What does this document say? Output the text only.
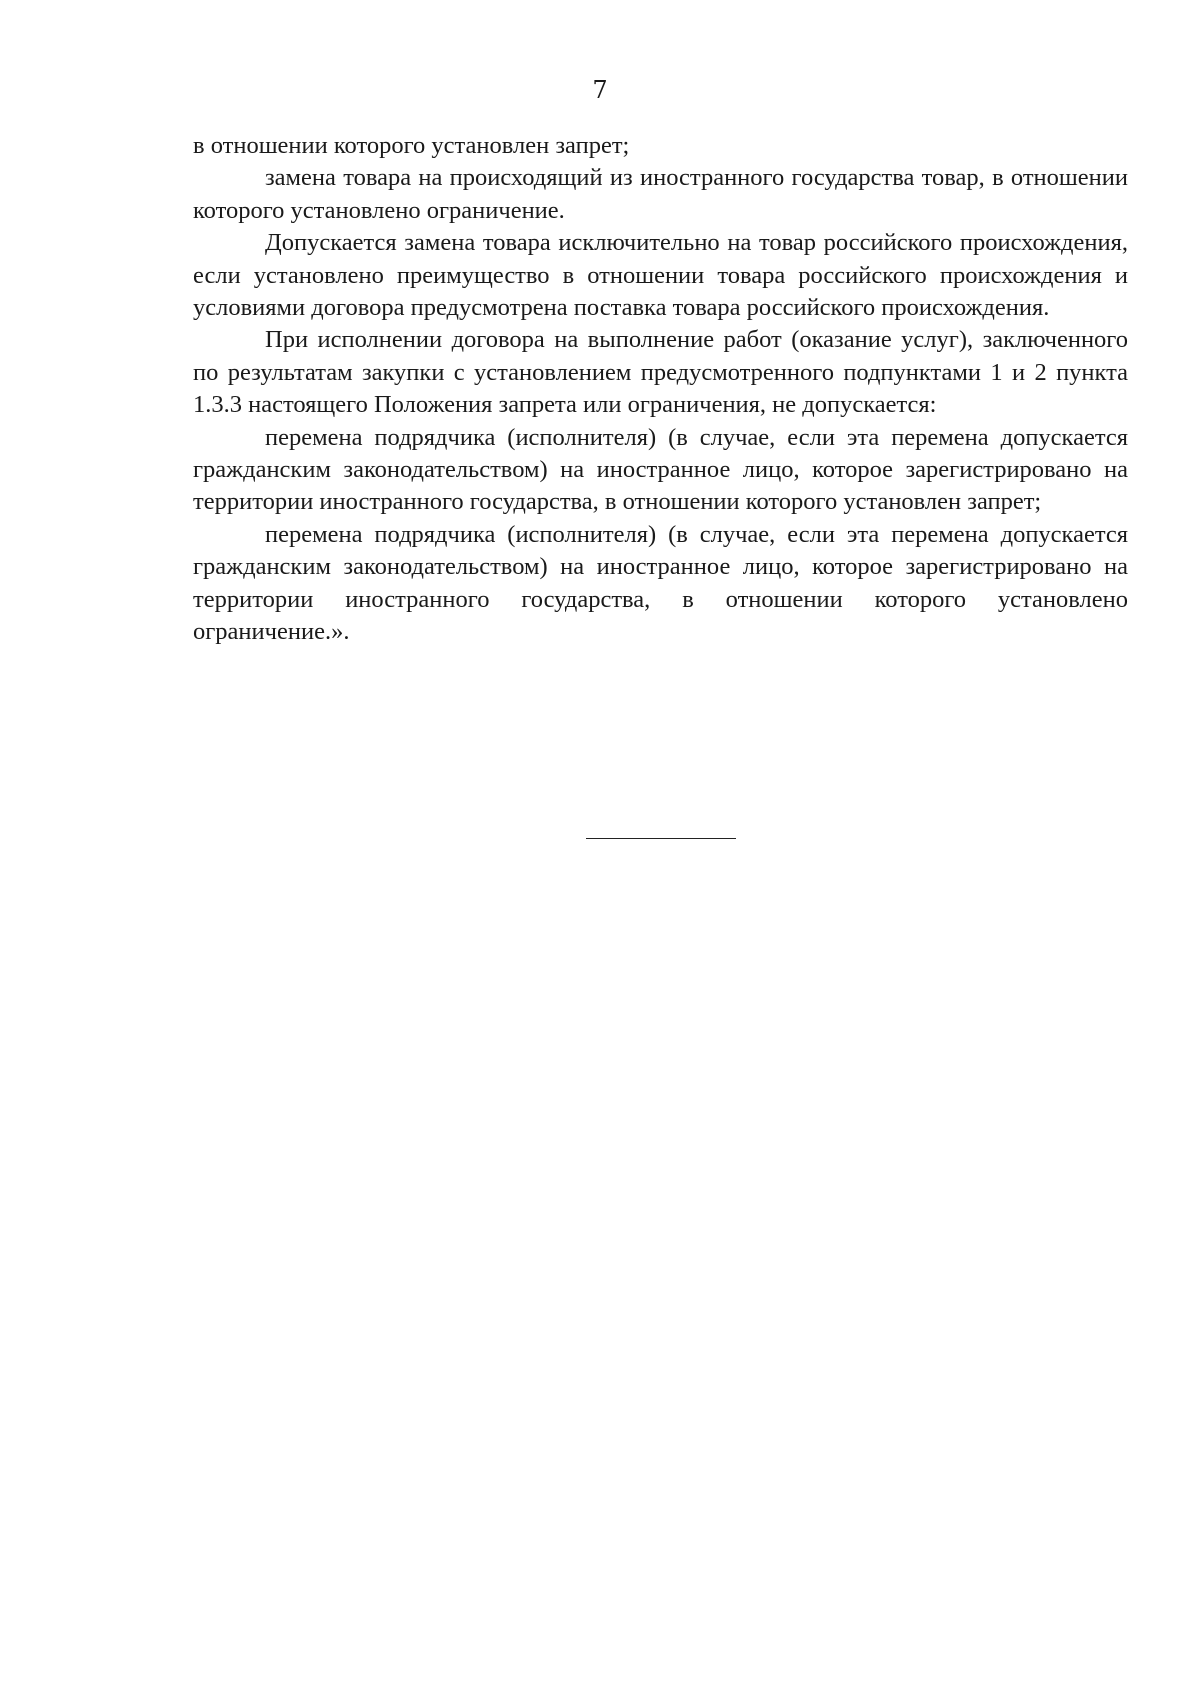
7

в отношении которого установлен запрет;

замена товара на происходящий из иностранного государства товар, в отношении которого установлено ограничение.

Допускается замена товара исключительно на товар российского происхождения, если установлено преимущество в отношении товара российского происхождения и условиями договора предусмотрена поставка товара российского происхождения.

При исполнении договора на выполнение работ (оказание услуг), заключенного по результатам закупки с установлением предусмотренного подпунктами 1 и 2 пункта 1.3.3 настоящего Положения запрета или ограничения, не допускается:

перемена подрядчика (исполнителя) (в случае, если эта перемена допускается гражданским законодательством) на иностранное лицо, которое зарегистрировано на территории иностранного государства, в отношении которого установлен запрет;

перемена подрядчика (исполнителя) (в случае, если эта перемена допускается гражданским законодательством) на иностранное лицо, которое зарегистрировано на территории иностранного государства, в отношении которого установлено ограничение.».
